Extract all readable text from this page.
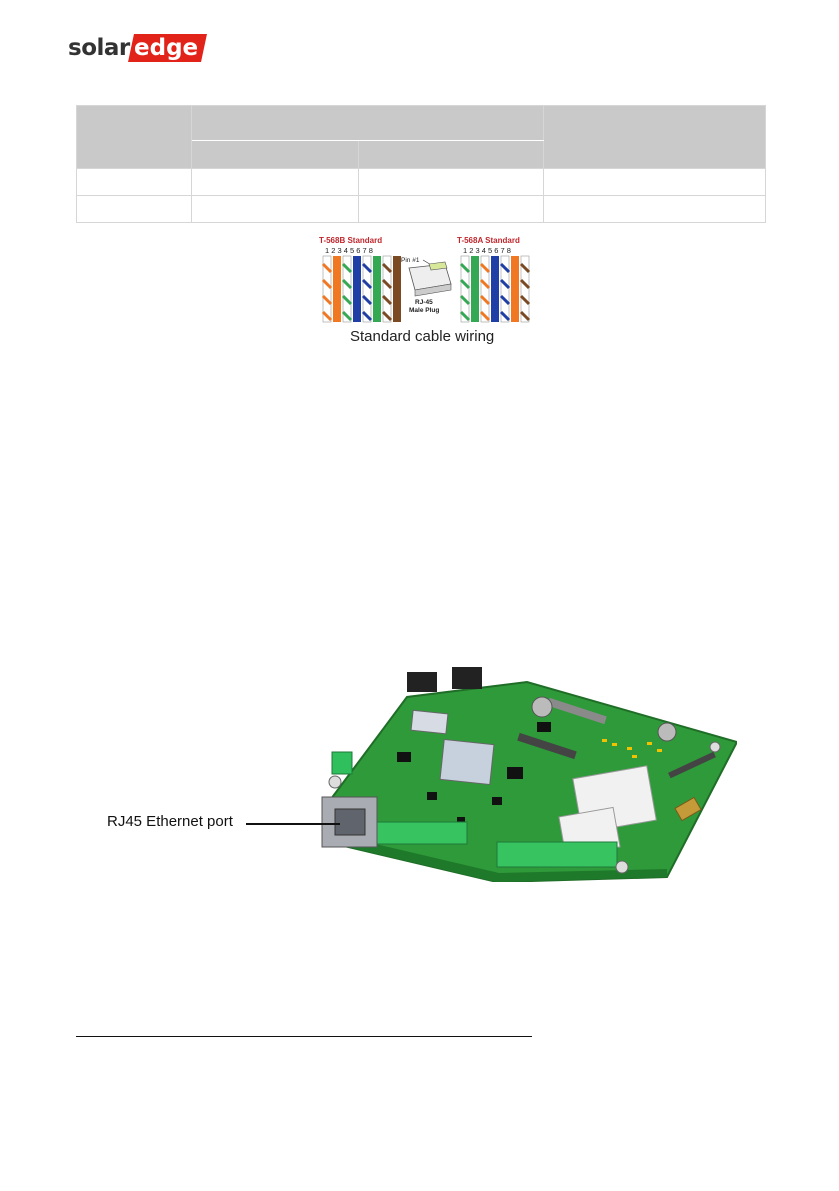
solar edge

T-568B Standard	T-568A Standard
1 2 3 4 5 6 7 8	1 2 3 4 5 6 7 8
Pin #1
RJ-45
Male Plug
Standard cable wiring
RJ45 Ethernet port
